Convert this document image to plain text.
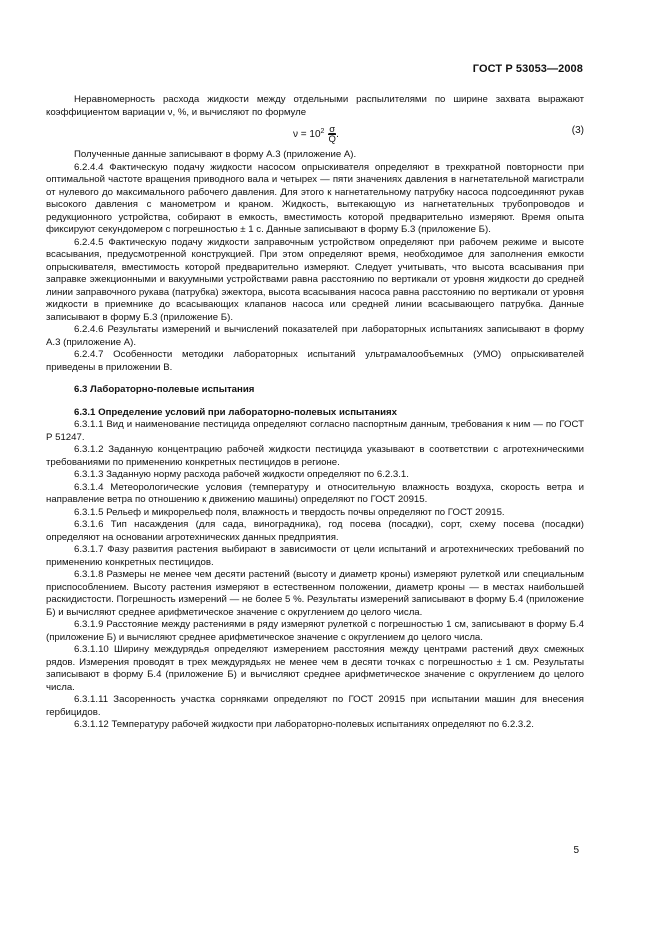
ГОСТ Р 53053—2008

Неравномерность расхода жидкости между отдельными распылителями по ширине захвата выражают коэффициентом вариации ν, %, и вычисляют по формуле

$\nu = 10^2 \frac{\sigma}{Q}$ .	(3)

Полученные данные записывают в форму А.3 (приложение А).

6.2.4.4 Фактическую подачу жидкости насосом опрыскивателя определяют в трехкратной повторности при оптимальной частоте вращения приводного вала и четырех — пяти значениях давления в нагнетательной магистрали от нулевого до максимального рабочего давления. Для этого к нагнетательному патрубку насоса подсоединяют рукав высокого давления с манометром и краном. Жидкость, вытекающую из нагнетательных трубопроводов и редукционного устройства, собирают в емкость, вместимость которой предварительно измеряют. Время опыта фиксируют секундомером с погрешностью ± 1 с. Данные записывают в форму Б.3 (приложение Б).

6.2.4.5 Фактическую подачу жидкости заправочным устройством определяют при рабочем режиме и высоте всасывания, предусмотренной конструкцией. При этом определяют время, необходимое для заполнения емкости опрыскивателя, вместимость которой предварительно измеряют. Следует учитывать, что высота всасывания при заправке эжекционными и вакуумными устройствами равна расстоянию по вертикали от уровня жидкости до средней линии заправочного рукава (патрубка) эжектора, высота всасывания насоса равна расстоянию по вертикали от уровня жидкости в приемнике до всасывающих клапанов насоса или средней линии всасывающего патрубка. Данные записывают в форму Б.3 (приложение Б).

6.2.4.6 Результаты измерений и вычислений показателей при лабораторных испытаниях записывают в форму А.3 (приложение А).

6.2.4.7 Особенности методики лабораторных испытаний ультрамалообъемных (УМО) опрыскивателей приведены в приложении В.

6.3 Лабораторно-полевые испытания

6.3.1 Определение условий при лабораторно-полевых испытаниях

6.3.1.1 Вид и наименование пестицида определяют согласно паспортным данным, требования к ним — по ГОСТ Р 51247.

6.3.1.2 Заданную концентрацию рабочей жидкости пестицида указывают в соответствии с агротехническими требованиями по применению конкретных пестицидов в регионе.

6.3.1.3 Заданную норму расхода рабочей жидкости определяют по 6.2.3.1.

6.3.1.4 Метеорологические условия (температуру и относительную влажность воздуха, скорость ветра и направление ветра по отношению к движению машины) определяют по ГОСТ 20915.

6.3.1.5 Рельеф и микрорельеф поля, влажность и твердость почвы определяют по ГОСТ 20915.

6.3.1.6 Тип насаждения (для сада, виноградника), год посева (посадки), сорт, схему посева (посадки) определяют на основании агротехнических данных предприятия.

6.3.1.7 Фазу развития растения выбирают в зависимости от цели испытаний и агротехнических требований по применению конкретных пестицидов.

6.3.1.8 Размеры не менее чем десяти растений (высоту и диаметр кроны) измеряют рулеткой или специальным приспособлением. Высоту растения измеряют в естественном положении, диаметр кроны — в местах наибольшей раскидистости. Погрешность измерений — не более 5 %. Результаты измерений записывают в форму Б.4 (приложение Б) и вычисляют среднее арифметическое значение с округлением до целого числа.

6.3.1.9 Расстояние между растениями в ряду измеряют рулеткой с погрешностью 1 см, записывают в форму Б.4 (приложение Б) и вычисляют среднее арифметическое значение с округлением до целого числа.

6.3.1.10 Ширину междурядья определяют измерением расстояния между центрами растений двух смежных рядов. Измерения проводят в трех междурядьях не менее чем в десяти точках с погрешностью ± 1 см. Результаты записывают в форму Б.4 (приложение Б) и вычисляют среднее арифметическое значение с округлением до целого числа.

6.3.1.11 Засоренность участка сорняками определяют по ГОСТ 20915 при испытании машин для внесения гербицидов.

6.3.1.12 Температуру рабочей жидкости при лабораторно-полевых испытаниях определяют по 6.2.3.2.

5
